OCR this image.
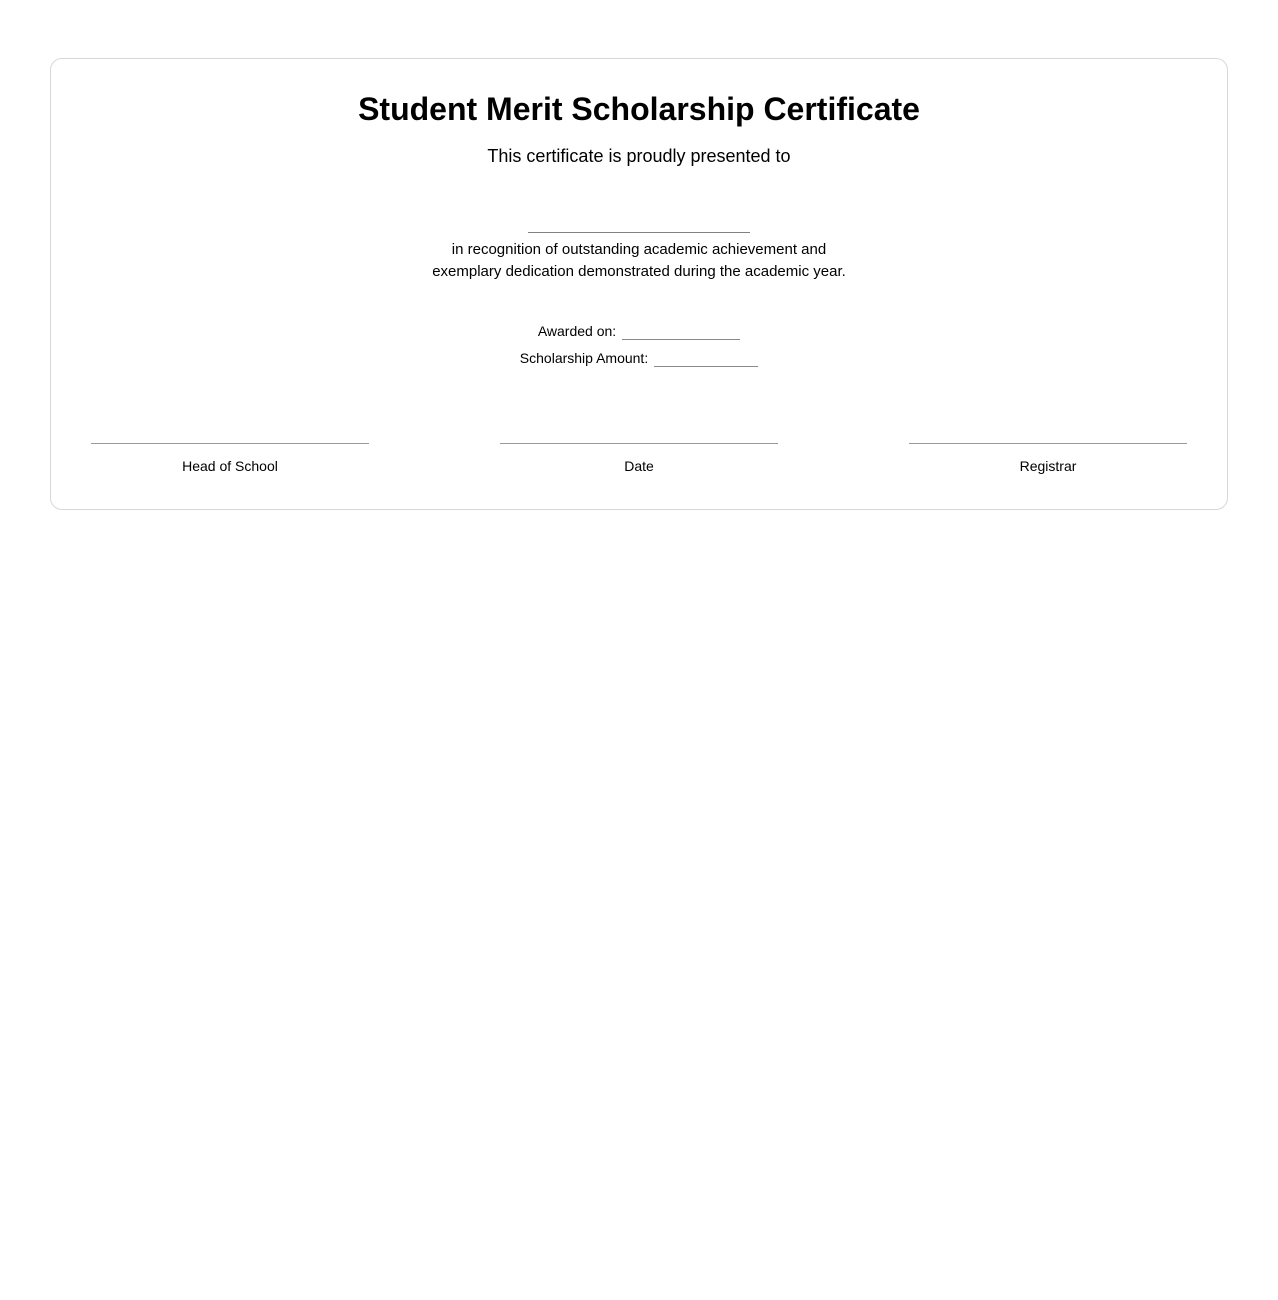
Student Merit Scholarship Certificate

This certificate is proudly presented to

in recognition of outstanding academic achievement and
exemplary dedication demonstrated during the academic year.

Awarded on:
Scholarship Amount:
Head of School	Date	Registrar
